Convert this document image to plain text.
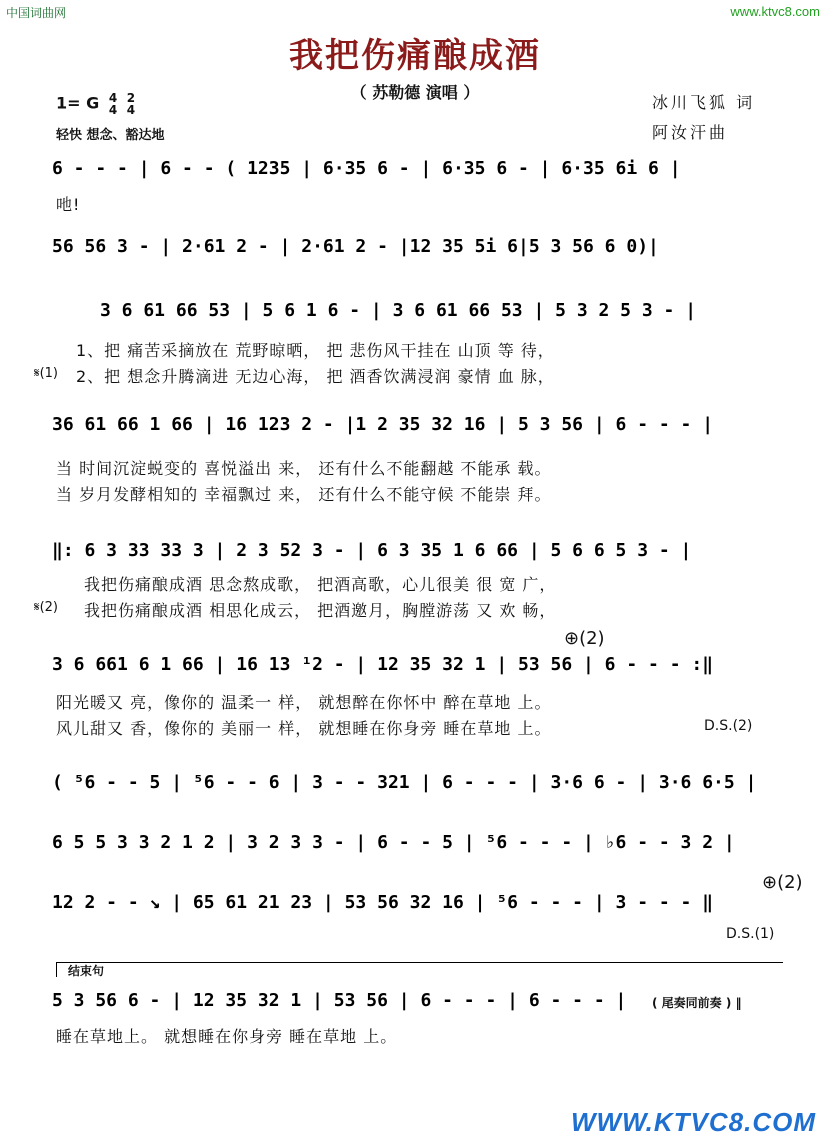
中国词曲网	www.ktvc8.com
我把伤痛酿成酒
（ 苏勒德 演唱 ）
1= G 4
4

2
4
轻快 想念、豁达地
冰川飞狐 词
阿汝汗曲
6 - - - | 6 - - ( 1235 | 6·35 6 - | 6·35 6 - | 6·35 6i 6 |
吔!
56 56 3 - | 2·61 2 - | 2·61 2 - |12 35 5i 6|5 3 56 6 0)|
3 6 61 66 53 | 5 6 1 6 - | 3 6 61 66 53 | 5 3 2 5 3 - |
1、把 痛苦采摘放在 荒野晾晒， 把 悲伤风干挂在 山顶 等 待，
𝄋(1) 2、把 想念升腾滴进 无边心海， 把 酒香饮满浸润 豪情 血 脉，
36 61 66 1 66 | 16 123 2 - |1 2 35 32 16 | 5 3 56 | 6 - - - |
当 时间沉淀蜕变的 喜悦溢出 来， 还有什么不能翻越 不能承 载。
当 岁月发酵相知的 幸福飘过 来， 还有什么不能守候 不能崇 拜。
‖: 6 3 33 33 3 | 2 3 52 3 - | 6 3 35 1 6 66 | 5 6 6 5 3 - |
我把伤痛酿成酒 思念熬成歌， 把酒高歌，心儿很美 很 宽 广，
𝄋(2) 我把伤痛酿成酒 相思化成云， 把酒邀月，胸膛游荡 又 欢 畅，
⊕(2)
3 6 661 6 1 66 | 16 13 ¹2 - | 12 35 32 1 | 53 56 | 6 - - - :‖
阳光暖又 亮，像你的 温柔一 样， 就想醉在你怀中 醉在草地 上。
风儿甜又 香，像你的 美丽一 样， 就想睡在你身旁 睡在草地 上。	D.S.(2)
( ⁵6 - - 5 | ⁵6 - - 6 | 3 - - 321 | 6 - - - | 3·6 6 - | 3·6 6·5 |
6 5 5 3 3 2 1 2 | 3 2 3 3 - | 6 - - 5 | ⁵6 - - - | ♭6 - - 3 2 |
⊕(2)
12 2 - - ↘ | 65 61 21 23 | 53 56 32 16 | ⁵6 - - - | 3 - - - ‖
D.S.(1)
结束句
5 3 56 6 - | 12 35 32 1 | 53 56 | 6 - - - | 6 - - - | ( 尾奏同前奏 ) ‖
睡在草地上。 就想睡在你身旁 睡在草地 上。
WWW.KTVC8.COM
